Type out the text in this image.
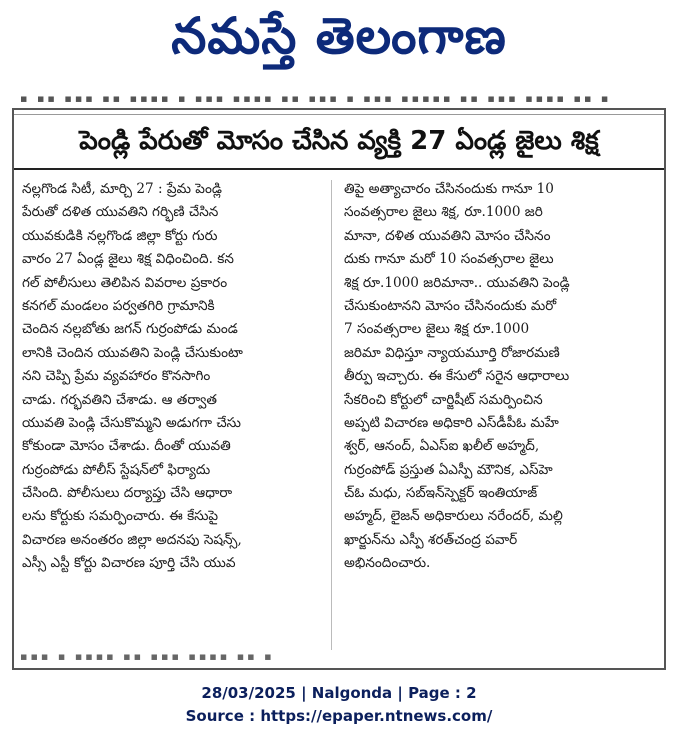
నమస్తే తెలంగాణ
▪ ▪▪ ▪▪▪ ▪▪ ▪▪▪▪ ▪ ▪▪▪ ▪▪▪▪ ▪▪ ▪▪▪ ▪ ▪▪▪ ▪▪▪▪▪ ▪▪ ▪▪▪ ▪▪▪▪ ▪▪ ▪
పెండ్లి పేరుతో మోసం చేసిన వ్యక్తి 27 ఏండ్ల జైలు శిక్ష
నల్లగొండ సిటీ, మార్చి 27 : ప్రేమ పెండ్లి
పేరుతో దళిత యువతిని గర్భిణి చేసిన
యువకుడికి నల్లగొండ జిల్లా కోర్టు గురు
వారం 27 ఏండ్ల జైలు శిక్ష విధించింది. కన
గల్ పోలీసులు తెలిపిన వివరాల ప్రకారం
కనగల్ మండలం పర్వతగిరి గ్రామానికి
చెందిన నల్లబోతు జగన్ గుర్రంపోడు మండ
లానికి చెందిన యువతిని పెండ్లి చేసుకుంటా
నని చెప్పి ప్రేమ వ్యవహారం కొనసాగిం
చాడు. గర్భవతిని చేశాడు. ఆ తర్వాత
యువతి పెండ్లి చేసుకొమ్మని అడుగగా చేసు
కోకుండా మోసం చేశాడు. దీంతో యువతి
గుర్రంపోడు పోలీస్ స్టేషన్‌లో ఫిర్యాదు
చేసింది. పోలీసులు దర్యాప్తు చేసి ఆధారా
లను కోర్టుకు సమర్పించారు. ఈ కేసుపై
విచారణ అనంతరం జిల్లా అదనపు సెషన్స్,
ఎస్సీ ఎస్టీ కోర్టు విచారణ పూర్తి చేసి యువ
తిపై అత్యాచారం చేసినందుకు గానూ 10
సంవత్సరాల జైలు శిక్ష, రూ.1000 జరి
మానా, దళిత యువతిని మోసం చేసినం
దుకు గానూ మరో 10 సంవత్సరాల జైలు
శిక్ష రూ.1000 జరిమానా.. యువతిని పెండ్లి
చేసుకుంటానని మోసం చేసినందుకు మరో
7 సంవత్సరాల జైలు శిక్ష రూ.1000
జరిమా విధిస్తూ న్యాయమూర్తి రోజారమణి
తీర్పు ఇచ్చారు. ఈ కేసులో సరైన ఆధారాలు
సేకరించి కోర్టులో చార్జిషీట్ సమర్పించిన
అప్పటి విచారణ అధికారి ఎస్‌డీపీఓ మహే
శ్వర్, ఆనంద్, ఏఎస్ఐ ఖలీల్ అహ్మద్,
గుర్రంపోడ్ ప్రస్తుత ఏఎస్పీ మౌనిక, ఎస్‌హె
చ్ఓ మధు, సబ్‌ఇన్‌స్పెక్టర్ ఇంతియాజ్
అహ్మద్, లైజన్ అధికారులు నరేందర్, మల్లి
ఖార్జున్‌ను ఎస్పీ శరత్‌చంద్ర పవార్
అభినందించారు.
▪▪▪ ▪ ▪▪▪▪ ▪▪ ▪▪▪ ▪▪▪▪ ▪▪ ▪
28/03/2025 | Nalgonda | Page : 2
Source : https://epaper.ntnews.com/
